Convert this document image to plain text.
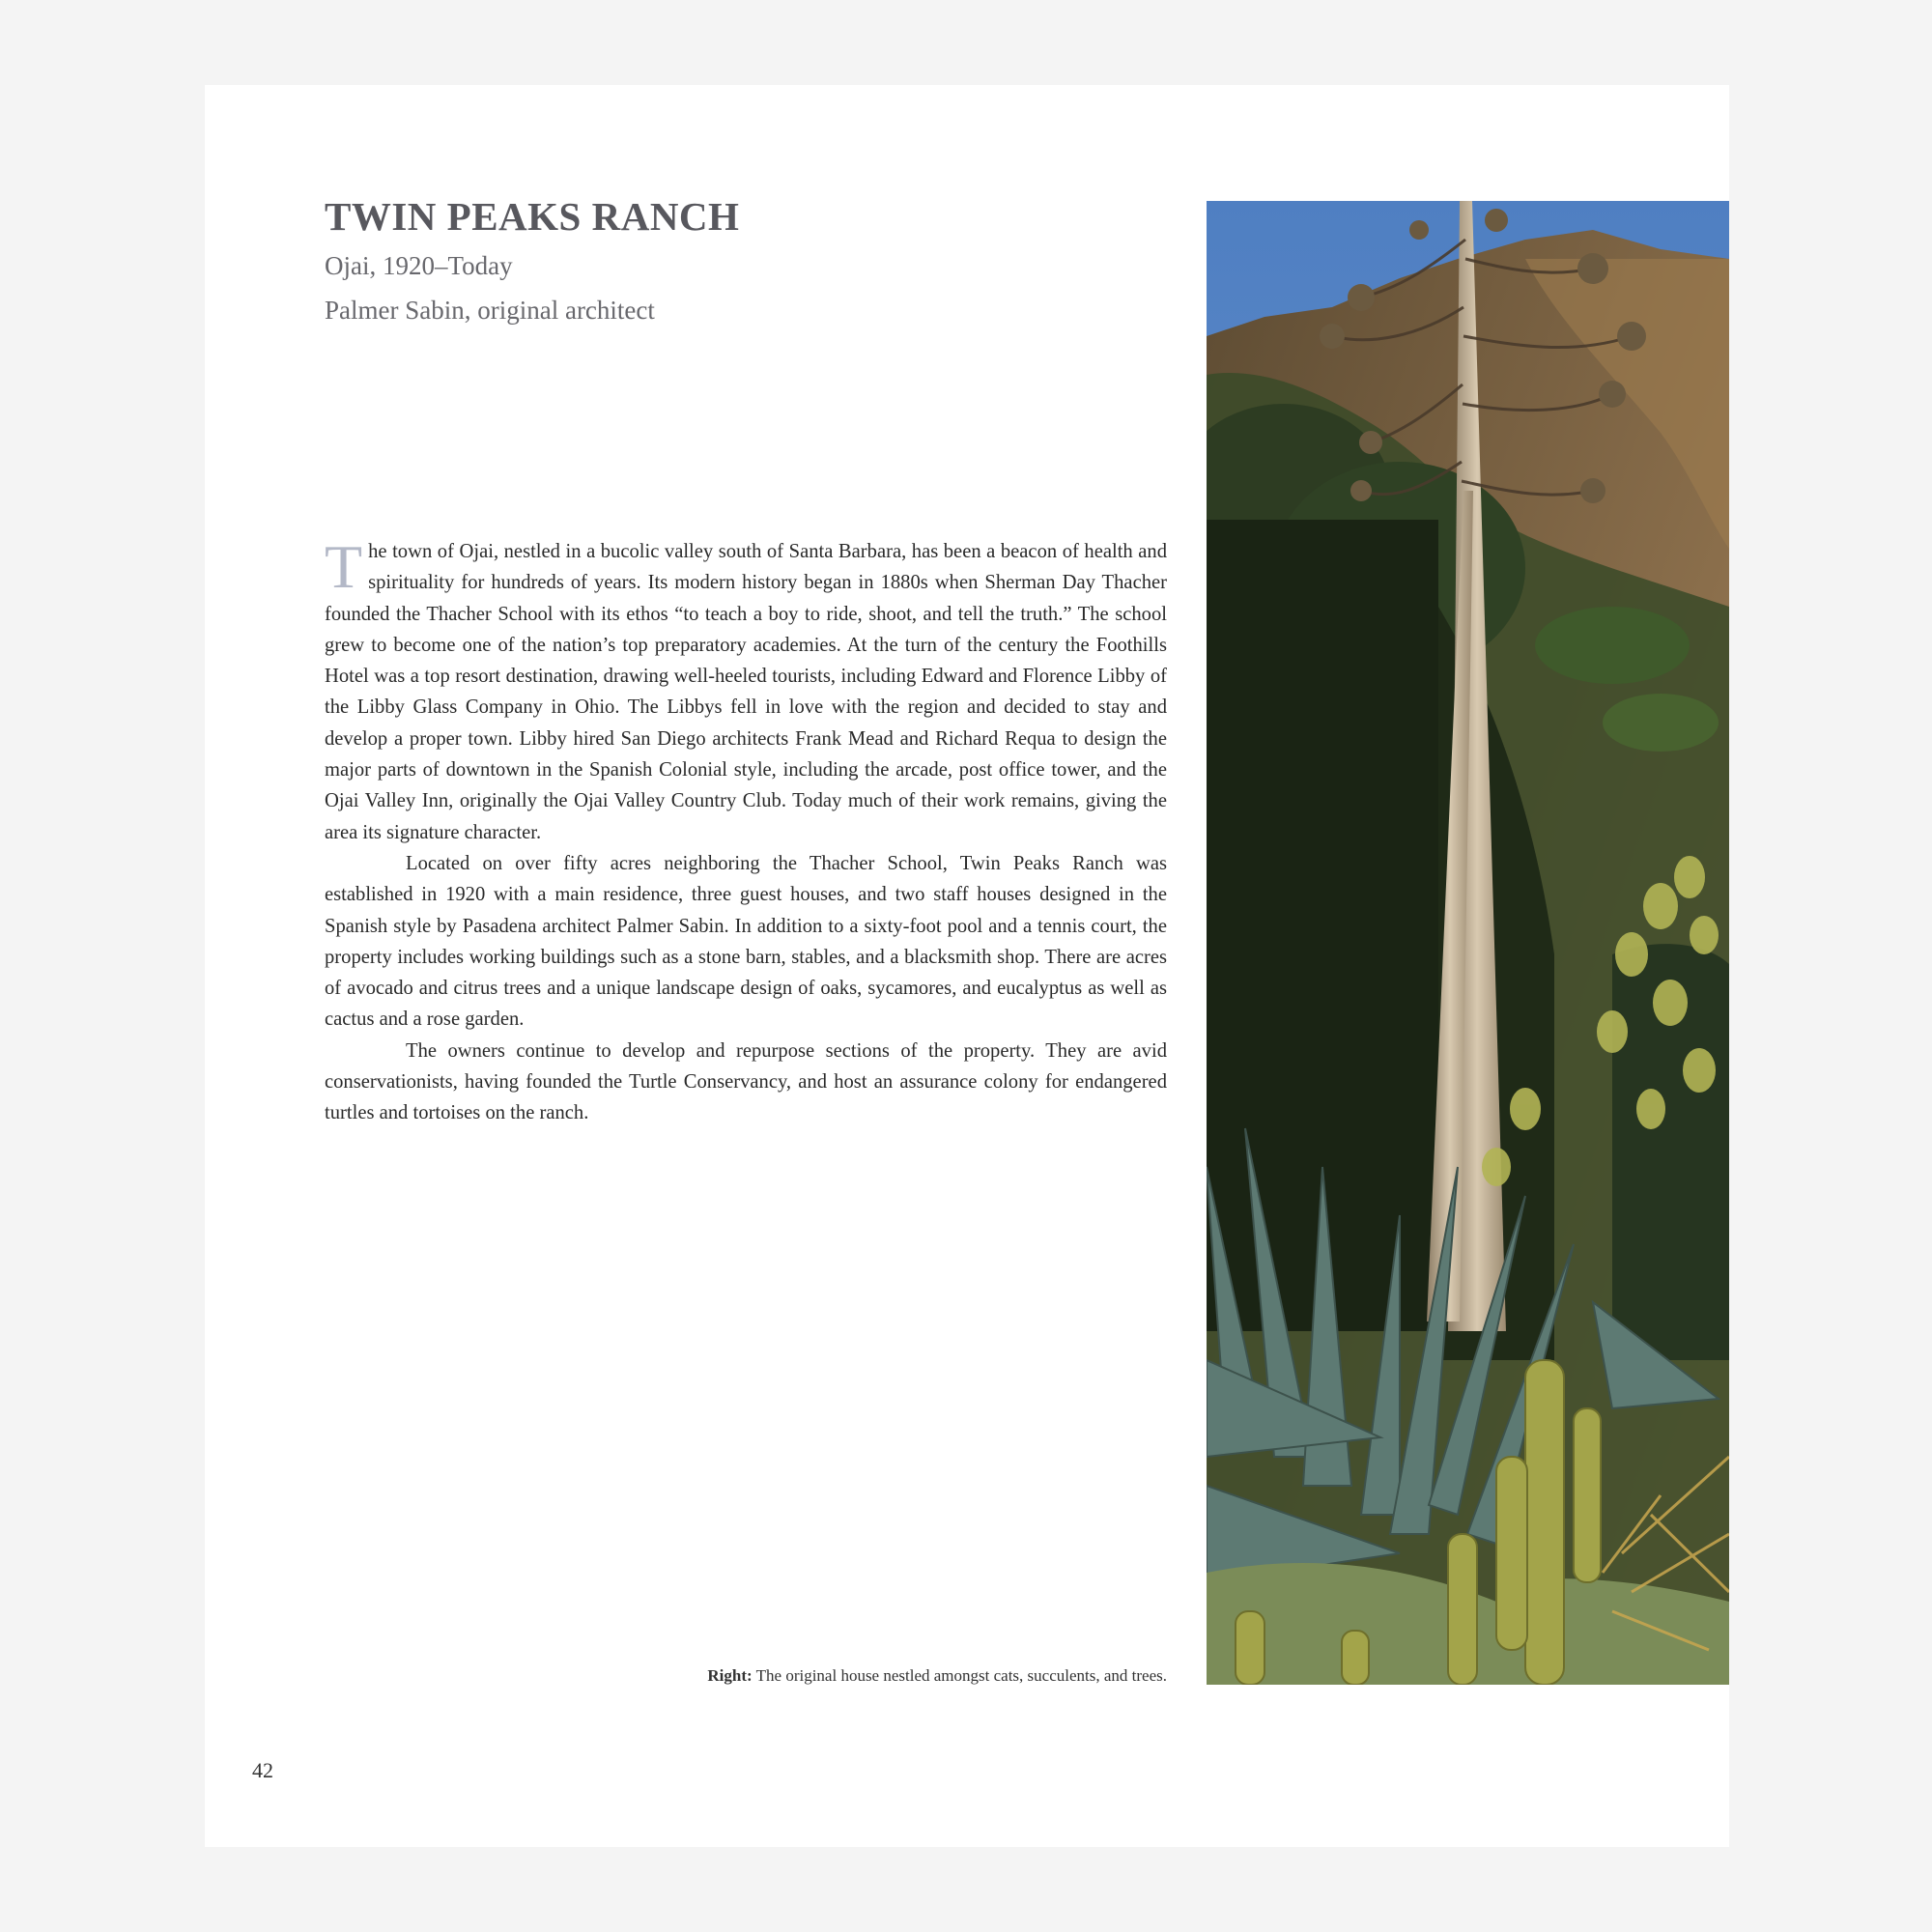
TWIN PEAKS RANCH
Ojai, 1920–Today
Palmer Sabin, original architect

The town of Ojai, nestled in a bucolic valley south of Santa Barbara, has been a beacon of health and spirituality for hundreds of years. Its modern history began in 1880s when Sherman Day Thacher founded the Thacher School with its ethos “to teach a boy to ride, shoot, and tell the truth.” The school grew to become one of the nation’s top preparatory academies. At the turn of the century the Foothills Hotel was a top resort destination, drawing well-heeled tourists, including Edward and Florence Libby of the Libby Glass Company in Ohio. The Libbys fell in love with the region and decided to stay and develop a proper town. Libby hired San Diego architects Frank Mead and Richard Requa to design the major parts of downtown in the Spanish Colonial style, including the arcade, post office tower, and the Ojai Valley Inn, originally the Ojai Valley Country Club. Today much of their work remains, giving the area its signature character.

Located on over fifty acres neighboring the Thacher School, Twin Peaks Ranch was established in 1920 with a main residence, three guest houses, and two staff houses designed in the Spanish style by Pasadena architect Palmer Sabin. In addition to a sixty-foot pool and a tennis court, the property includes working buildings such as a stone barn, stables, and a blacksmith shop. There are acres of avocado and citrus trees and a unique landscape design of oaks, sycamores, and eucalyptus as well as cactus and a rose garden.

The owners continue to develop and repurpose sections of the property. They are avid conservationists, having founded the Turtle Conservancy, and host an assurance colony for endangered turtles and tortoises on the ranch.

Right: The original house nestled amongst cats, succulents, and trees.
42
